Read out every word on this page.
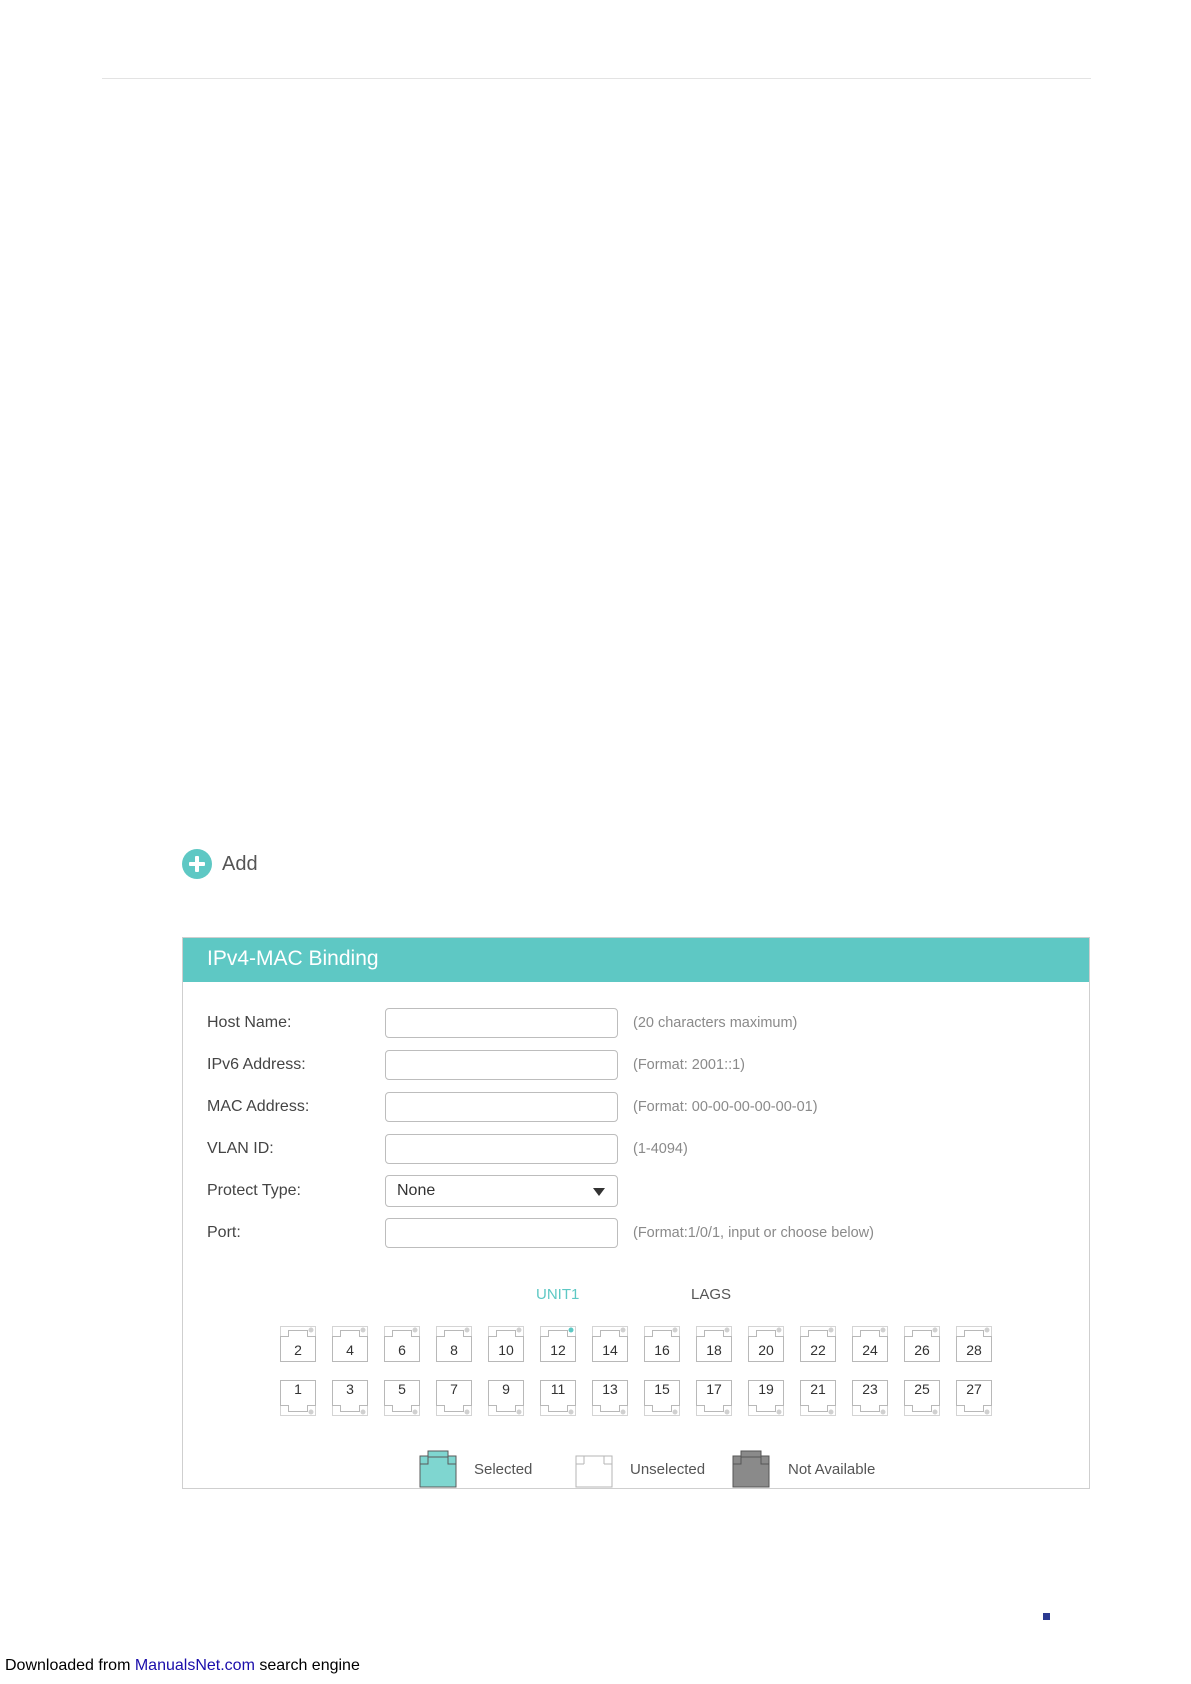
Add
IPv4-MAC Binding
Host Name:	(20 characters maximum)
IPv6 Address:	(Format: 2001::1)
MAC Address:	(Format: 00-00-00-00-00-01)
VLAN ID:	(1-4094)
Protect Type:	None
Port:	(Format:1/0/1, input or choose below)
UNIT1	LAGS
2	4	6	8	10	12	14	16	18	20	22	24	26	28
1	3	5	7	9	11	13	15	17	19	21	23	25	27
Selected	Unselected	Not Available
Downloaded from ManualsNet.com search engine
